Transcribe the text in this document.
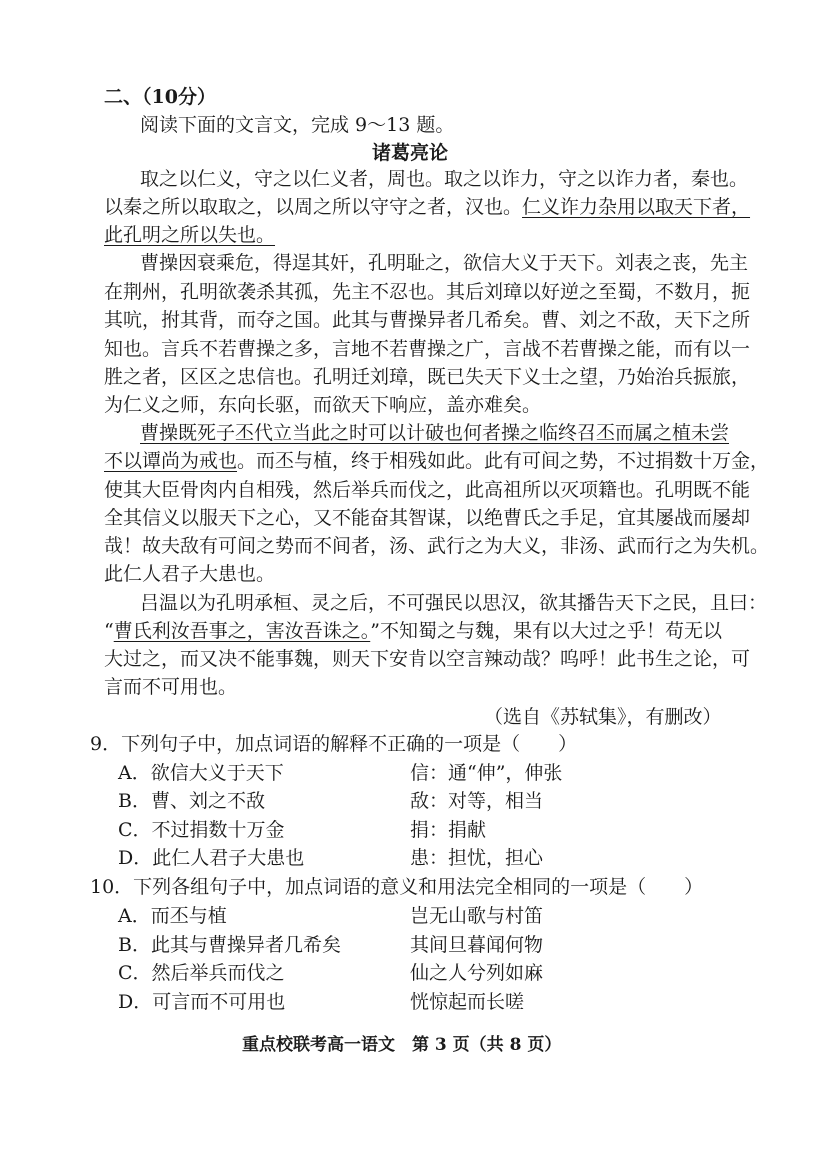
二、（10分）
阅读下面的文言文，完成 9～13 题。
诸葛亮论
取之以仁义，守之以仁义者，周也。取之以诈力，守之以诈力者，秦也。
以秦之所以取取之，以周之所以守守之者，汉也。仁义诈力杂用以取天下者，
此孔明之所以失也。
曹操因衰乘危，得逞其奸，孔明耻之，欲信大义于天下。刘表之丧，先主
在荆州，孔明欲袭杀其孤，先主不忍也。其后刘璋以好逆之至蜀，不数月，扼
其吭，拊其背，而夺之国。此其与曹操异者几希矣。曹、刘之不敌，天下之所
知也。言兵不若曹操之多，言地不若曹操之广，言战不若曹操之能，而有以一
胜之者，区区之忠信也。孔明迁刘璋，既已失天下义士之望，乃始治兵振旅，
为仁义之师，东向长驱，而欲天下响应，盖亦难矣。
曹操既死子丕代立当此之时可以计破也何者操之临终召丕而属之植未尝
不以谭尚为戒也。而丕与植，终于相残如此。此有可间之势，不过捐数十万金，
使其大臣骨肉内自相残，然后举兵而伐之，此高祖所以灭项籍也。孔明既不能
全其信义以服天下之心，又不能奋其智谋，以绝曹氏之手足，宜其屡战而屡却
哉！故夫敌有可间之势而不间者，汤、武行之为大义，非汤、武而行之为失机。
此仁人君子大患也。
吕温以为孔明承桓、灵之后，不可强民以思汉，欲其播告天下之民，且曰：
“曹氏利汝吾事之，害汝吾诛之。”不知蜀之与魏，果有以大过之乎！苟无以
大过之，而又决不能事魏，则天下安肯以空言辣动哉？呜呼！此书生之论，可
言而不可用也。
（选自《苏轼集》，有删改）
9．下列句子中，加点词语的解释不正确的一项是（　　）
A．欲信大义于天下	信：通“伸”，伸张
B．曹、刘之不敌	敌：对等，相当
C．不过捐数十万金	捐：捐献
D．此仁人君子大患也	患：担忧，担心
10．下列各组句子中，加点词语的意义和用法完全相同的一项是（　　）
A．而丕与植	岂无山歌与村笛
B．此其与曹操异者几希矣	其间旦暮闻何物
C．然后举兵而伐之	仙之人兮列如麻
D．可言而不可用也	恍惊起而长嗟
重点校联考高一语文　第 3 页（共 8 页）
